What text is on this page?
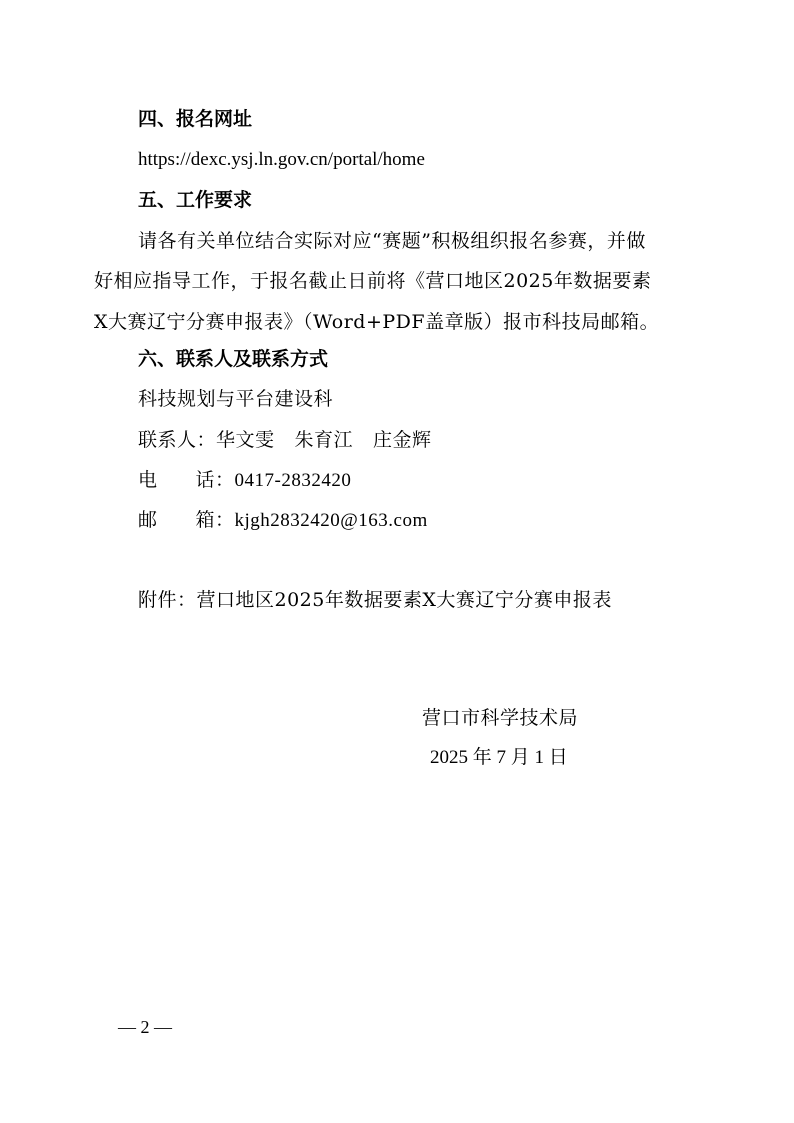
四、报名网址
https://dexc.ysj.ln.gov.cn/portal/home
五、工作要求
请各有关单位结合实际对应“赛题”积极组织报名参赛，并做
好相应指导工作，于报名截止日前将《营口地区2025年数据要素
X大赛辽宁分赛申报表》（Word+PDF盖章版）报市科技局邮箱。
六、联系人及联系方式
科技规划与平台建设科
联系人：华文雯 朱育江 庄金辉
电 话：0417-2832420
邮 箱：kjgh2832420@163.com
附件：营口地区2025年数据要素X大赛辽宁分赛申报表
营口市科学技术局
2025 年 7 月 1 日
— 2 —
